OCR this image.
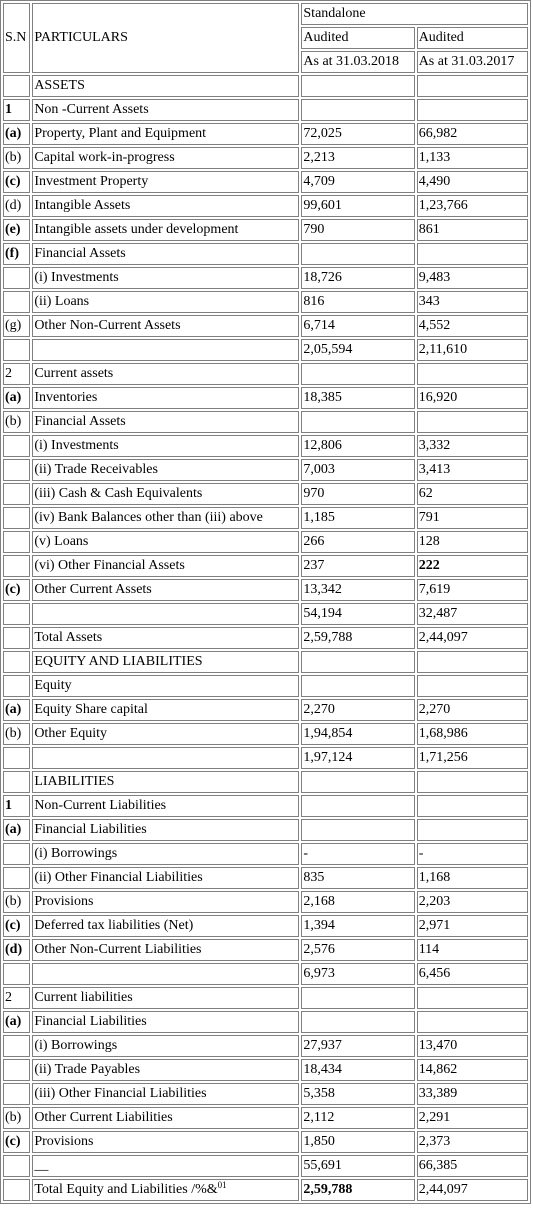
S.N	PARTICULARS	Standalone	
		Audited	Audited
		As at 31.03.2018	As at 31.03.2017
	ASSETS		
1	Non -Current Assets		
(a)	Property, Plant and Equipment	72,025	66,982
(b)	Capital work-in-progress	2,213	1,133
(c)	Investment Property	4,709	4,490
(d)	Intangible Assets	99,601	1,23,766
(e)	Intangible assets under development	790	861
(f)	Financial Assets		
	(i) Investments	18,726	9,483
	(ii) Loans	816	343
(g)	Other Non-Current Assets	6,714	4,552
		2,05,594	2,11,610
2	Current assets		
(a)	Inventories	18,385	16,920
(b)	Financial Assets		
	(i) Investments	12,806	3,332
	(ii) Trade Receivables	7,003	3,413
	(iii) Cash & Cash Equivalents	970	62
	(iv) Bank Balances other than (iii) above	1,185	791
	(v) Loans	266	128
	(vi) Other Financial Assets	237	222
(c)	Other Current Assets	13,342	7,619
		54,194	32,487
	Total Assets	2,59,788	2,44,097
	EQUITY AND LIABILITIES		
	Equity		
(a)	Equity Share capital	2,270	2,270
(b)	Other Equity	1,94,854	1,68,986
		1,97,124	1,71,256
	LIABILITIES		
1	Non-Current Liabilities		
(a)	Financial Liabilities		
	(i) Borrowings	-	-
	(ii) Other Financial Liabilities	835	1,168
(b)	Provisions	2,168	2,203
(c)	Deferred tax liabilities (Net)	1,394	2,971
(d)	Other Non-Current Liabilities	2,576	114
		6,973	6,456
2	Current liabilities		
(a)	Financial Liabilities		
	(i) Borrowings	27,937	13,470
	(ii) Trade Payables	18,434	14,862
	(iii) Other Financial Liabilities	5,358	33,389
(b)	Other Current Liabilities	2,112	2,291
(c)	Provisions	1,850	2,373
	__	55,691	66,385
	Total Equity and Liabilities /%&$^{01}$	2,59,788	2,44,097
